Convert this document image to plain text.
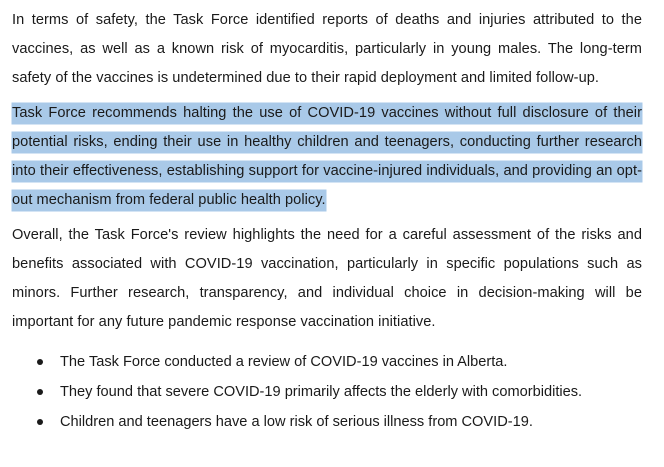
In terms of safety, the Task Force identified reports of deaths and injuries attributed to the vaccines, as well as a known risk of myocarditis, particularly in young males. The long-term safety of the vaccines is undetermined due to their rapid deployment and limited follow-up.

Task Force recommends halting the use of COVID-19 vaccines without full disclosure of their potential risks, ending their use in healthy children and teenagers, conducting further research into their effectiveness, establishing support for vaccine-injured individuals, and providing an opt-out mechanism from federal public health policy.

Overall, the Task Force's review highlights the need for a careful assessment of the risks and benefits associated with COVID-19 vaccination, particularly in specific populations such as minors. Further research, transparency, and individual choice in decision-making will be important for any future pandemic response vaccination initiative.

The Task Force conducted a review of COVID-19 vaccines in Alberta.
They found that severe COVID-19 primarily affects the elderly with comorbidities.
Children and teenagers have a low risk of serious illness from COVID-19.
